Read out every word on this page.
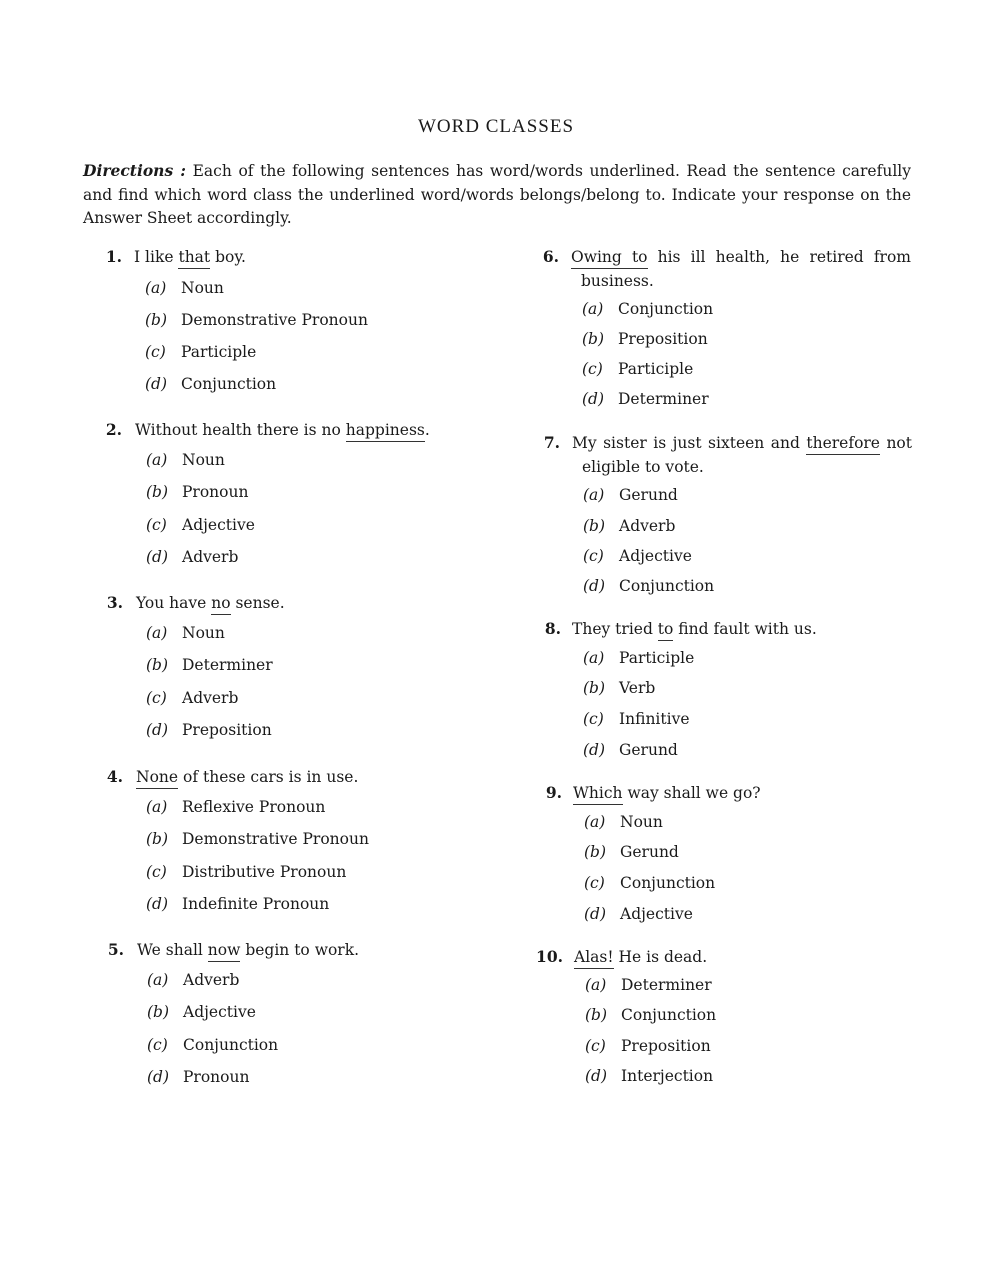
WORD CLASSES
Directions : Each of the following sentences has word/words underlined. Read the sentence carefully and find which word class the underlined word/words belongs/belong to. Indicate your response on the Answer Sheet accordingly.
1. I like that boy.
(a) Noun
(b) Demonstrative Pronoun
(c) Participle
(d) Conjunction
2. Without health there is no happiness.
(a) Noun
(b) Pronoun
(c) Adjective
(d) Adverb
3. You have no sense.
(a) Noun
(b) Determiner
(c) Adverb
(d) Preposition
4. None of these cars is in use.
(a) Reflexive Pronoun
(b) Demonstrative Pronoun
(c) Distributive Pronoun
(d) Indefinite Pronoun
5. We shall now begin to work.
(a) Adverb
(b) Adjective
(c) Conjunction
(d) Pronoun
6. Owing to his ill health, he retired from business.
(a) Conjunction
(b) Preposition
(c) Participle
(d) Determiner
7. My sister is just sixteen and therefore not eligible to vote.
(a) Gerund
(b) Adverb
(c) Adjective
(d) Conjunction
8. They tried to find fault with us.
(a) Participle
(b) Verb
(c) Infinitive
(d) Gerund
9. Which way shall we go?
(a) Noun
(b) Gerund
(c) Conjunction
(d) Adjective
10. Alas! He is dead.
(a) Determiner
(b) Conjunction
(c) Preposition
(d) Interjection
